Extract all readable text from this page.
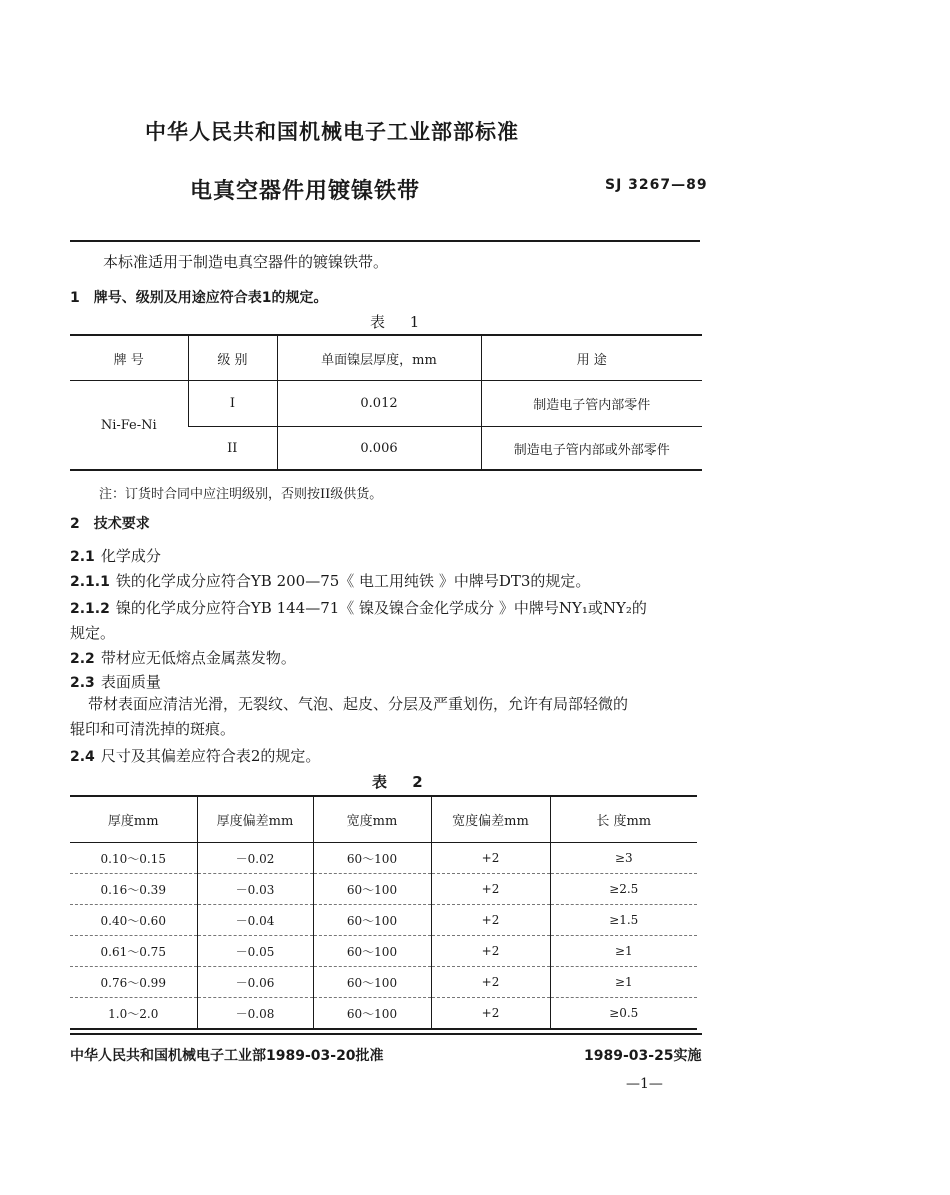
中华人民共和国机械电子工业部部标准
电真空器件用镀镍铁带	SJ 3267—89
本标准适用于制造电真空器件的镀镍铁带。
1 牌号、级别及用途应符合表1的规定。
表 1
牌 号	级 别	单面镍层厚度，mm	用 途
Ni-Fe-Ni	I	0.012	制造电子管内部零件
	II	0.006	制造电子管内部或外部零件
注：订货时合同中应注明级别，否则按II级供货。
2 技术要求
2.1 化学成分
2.1.1 铁的化学成分应符合YB 200—75《 电工用纯铁 》中牌号DT3的规定。
2.1.2 镍的化学成分应符合YB 144—71《 镍及镍合金化学成分 》中牌号NY₁或NY₂的
规定。
2.2 带材应无低熔点金属蒸发物。
2.3 表面质量
带材表面应清洁光滑，无裂纹、气泡、起皮、分层及严重划伤，允许有局部轻微的
辊印和可清洗掉的斑痕。
2.4 尺寸及其偏差应符合表2的规定。
表 2
厚度mm	厚度偏差mm	宽度mm	宽度偏差mm	长 度mm
0.10～0.15	－0.02	60～100	+2	≥3
0.16～0.39	－0.03	60～100	+2	≥2.5
0.40～0.60	－0.04	60～100	+2	≥1.5
0.61～0.75	－0.05	60～100	+2	≥1
0.76～0.99	－0.06	60～100	+2	≥1
1.0～2.0	－0.08	60～100	+2	≥0.5
中华人民共和国机械电子工业部1989-03-20批准	1989-03-25实施
—1—
